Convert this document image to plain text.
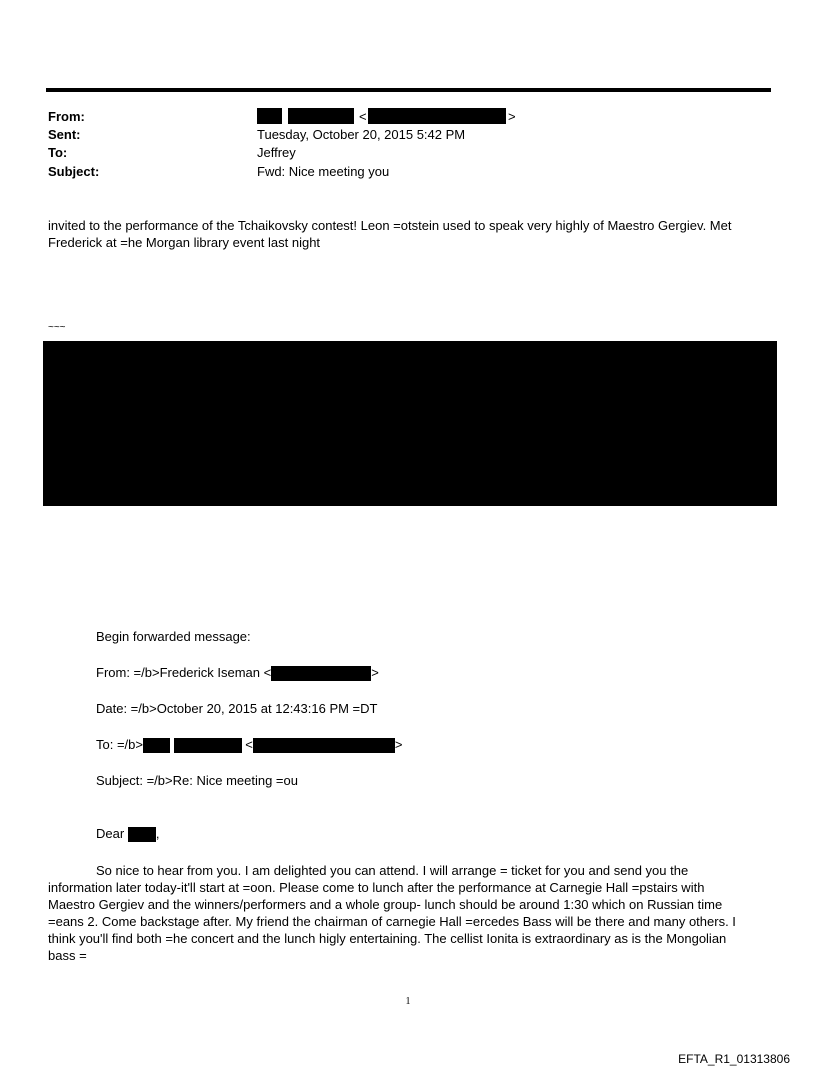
From:	<	>
Sent:	Tuesday, October 20, 2015 5:42 PM
To:	Jeffrey
Subject:	Fwd: Nice meeting you
invited to the performance of the Tchaikovsky contest! Leon =otstein used to speak very highly of Maestro Gergiev. Met
Frederick at =he Morgan library event last night
~~~
Begin forwarded message:
From: =/b>Frederick Iseman <	>
Date: =/b>October 20, 2015 at 12:43:16 PM =DT
To: =/b>	<	>
Subject: =/b>Re: Nice meeting =ou
Dear ,
So nice to hear from you. I am delighted you can attend. I will arrange = ticket for you and send you the
information later today-it'll start at =oon. Please come to lunch after the performance at Carnegie Hall =pstairs with
Maestro Gergiev and the winners/performers and a whole group- lunch should be around 1:30 which on Russian time
=eans 2. Come backstage after. My friend the chairman of carnegie Hall =ercedes Bass will be there and many others. I
think you'll find both =he concert and the lunch higly entertaining. The cellist Ionita is extraordinary as is the Mongolian
bass =
1
EFTA_R1_01313806
